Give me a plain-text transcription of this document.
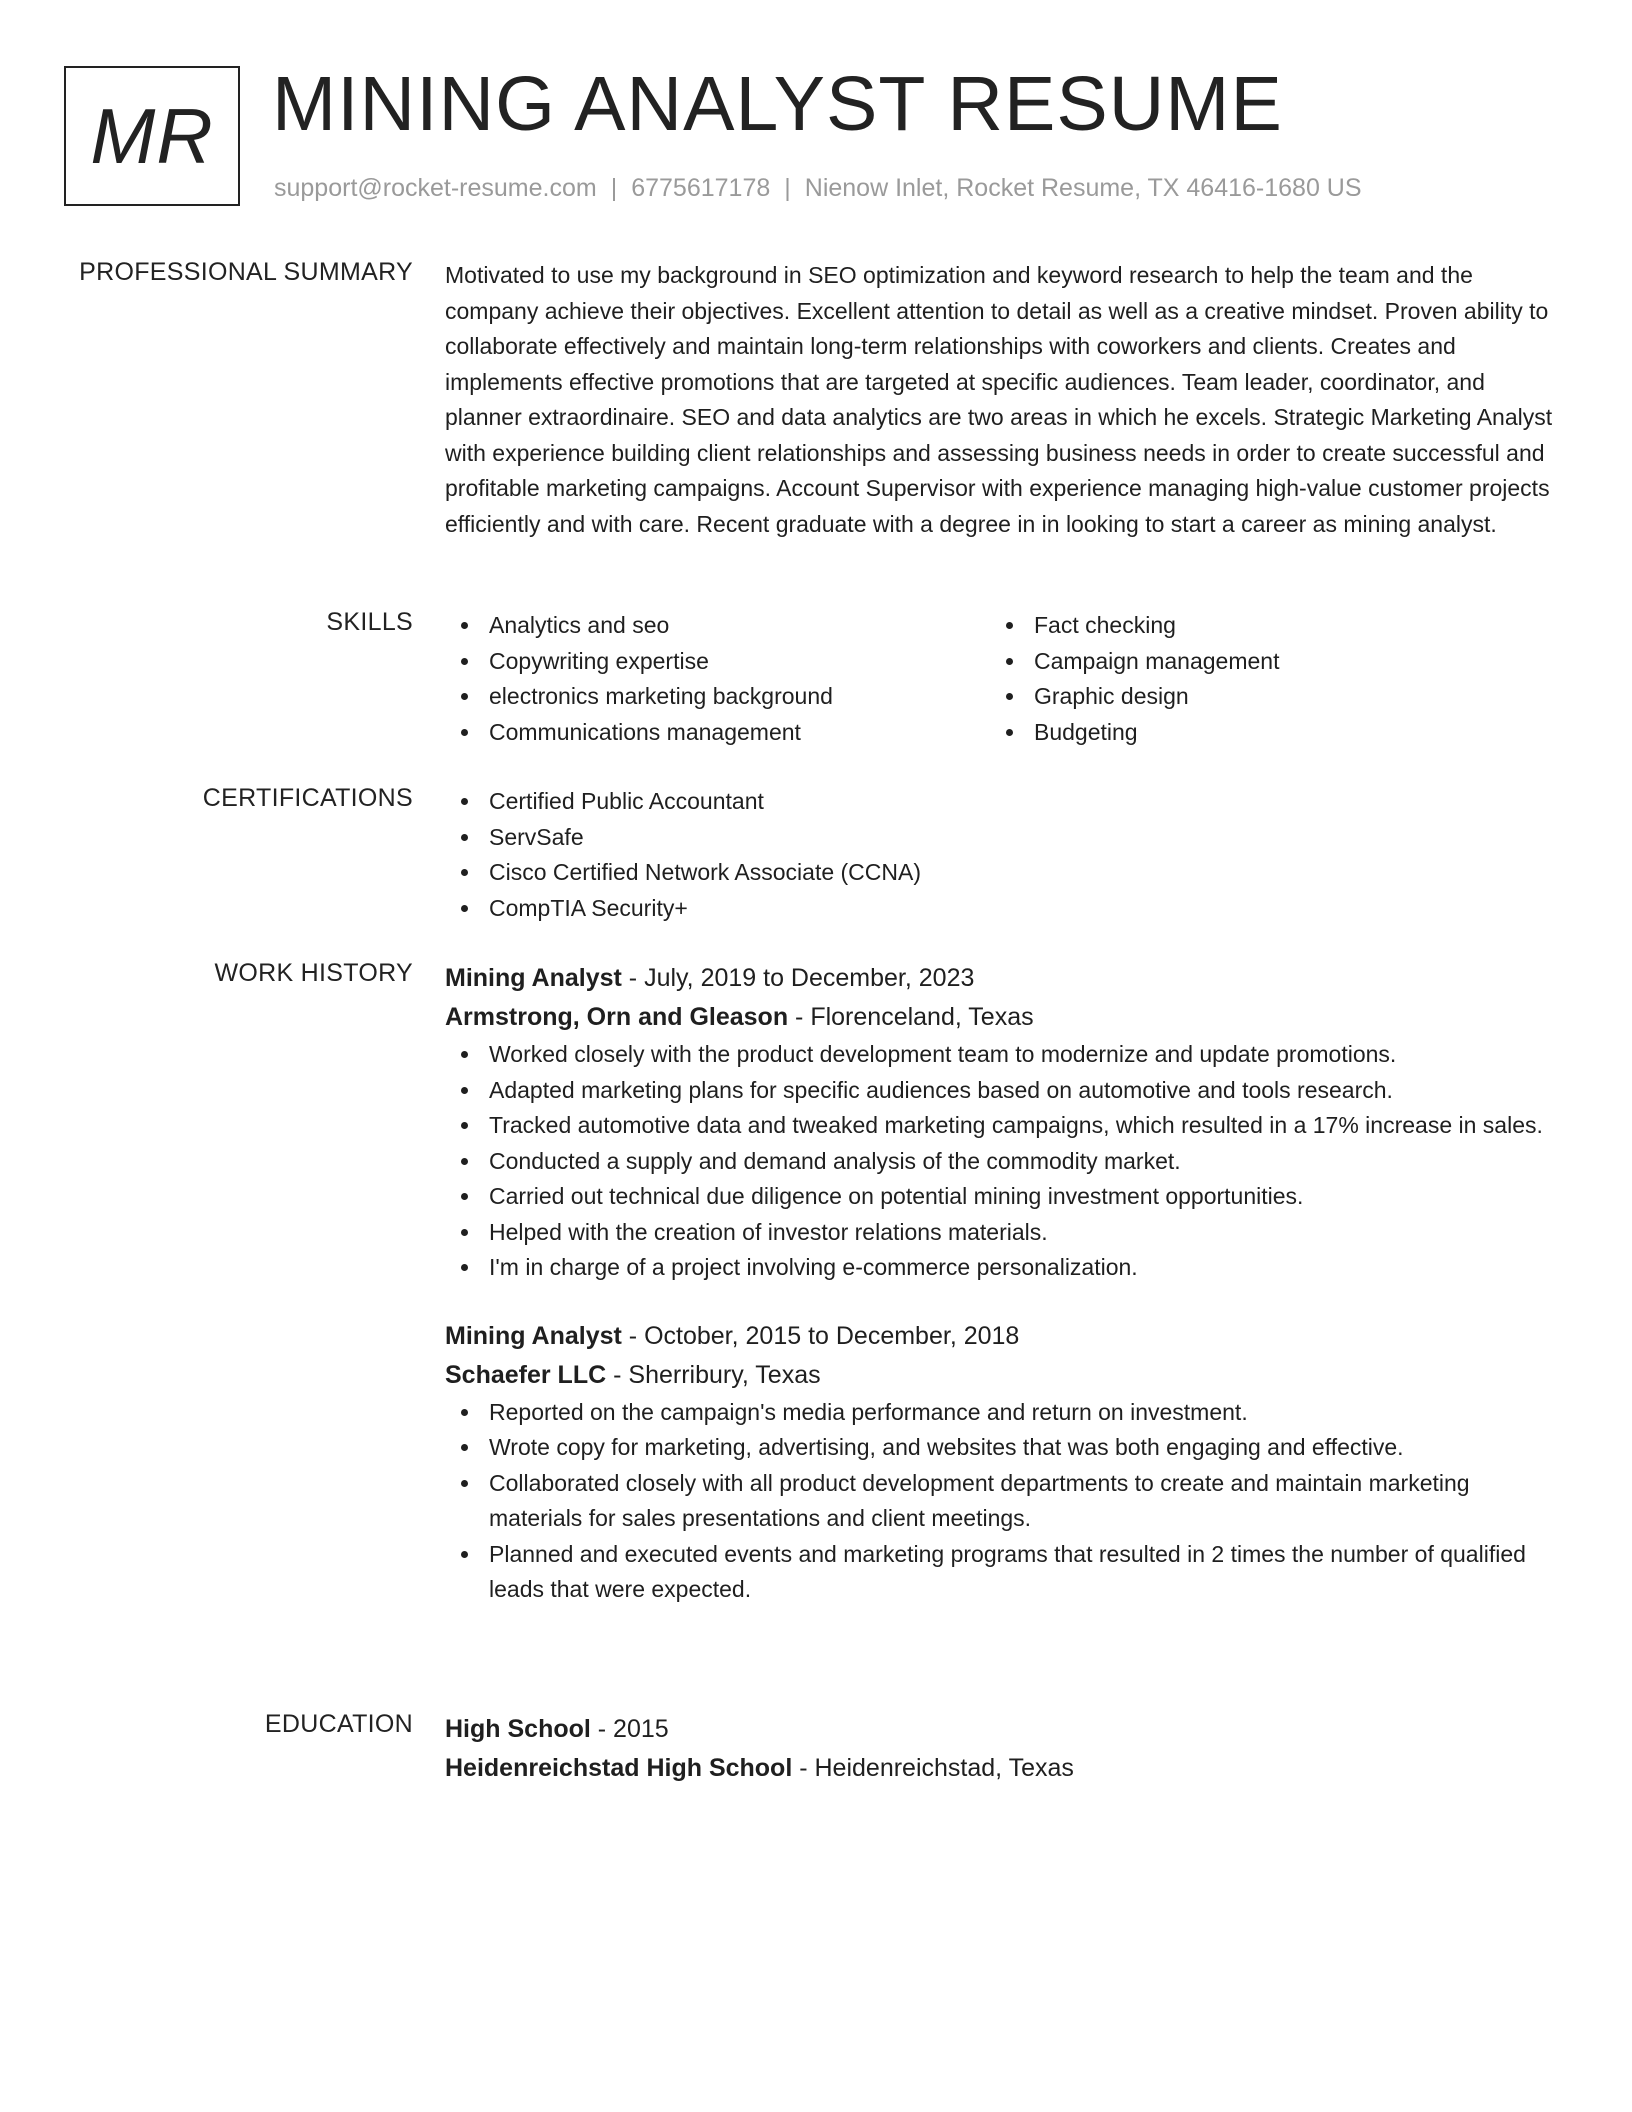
MR MINING ANALYST RESUME
support@rocket-resume.com | 6775617178 | Nienow Inlet, Rocket Resume, TX 46416-1680 US
PROFESSIONAL SUMMARY Motivated to use my background in SEO optimization and keyword research to help the team and the company achieve their objectives. Excellent attention to detail as well as a creative mindset. Proven ability to collaborate effectively and maintain long-term relationships with coworkers and clients. Creates and implements effective promotions that are targeted at specific audiences. Team leader, coordinator, and planner extraordinaire. SEO and data analytics are two areas in which he excels. Strategic Marketing Analyst with experience building client relationships and assessing business needs in order to create successful and profitable marketing campaigns. Account Supervisor with experience managing high-value customer projects efficiently and with care. Recent graduate with a degree in in looking to start a career as mining analyst.

SKILLS	Analytics and seo
Copywriting expertise
electronics marketing background
Communications management
Fact checking
Campaign management
Graphic design
Budgeting
CERTIFICATIONS	Certified Public Accountant
ServSafe
Cisco Certified Network Associate (CCNA)
CompTIA Security+
WORK HISTORY Mining Analyst - July, 2019 to December, 2023
Armstrong, Orn and Gleason - Florenceland, Texas
Worked closely with the product development team to modernize and update promotions.
Adapted marketing plans for specific audiences based on automotive and tools research.
Tracked automotive data and tweaked marketing campaigns, which resulted in a 17% increase in sales.
Conducted a supply and demand analysis of the commodity market.
Carried out technical due diligence on potential mining investment opportunities.
Helped with the creation of investor relations materials.
I'm in charge of a project involving e-commerce personalization.
Mining Analyst - October, 2015 to December, 2018
Schaefer LLC - Sherribury, Texas
Reported on the campaign's media performance and return on investment.
Wrote copy for marketing, advertising, and websites that was both engaging and effective.
Collaborated closely with all product development departments to create and maintain marketing materials for sales presentations and client meetings.
Planned and executed events and marketing programs that resulted in 2 times the number of qualified leads that were expected.
EDUCATION High School - 2015
Heidenreichstad High School - Heidenreichstad, Texas
